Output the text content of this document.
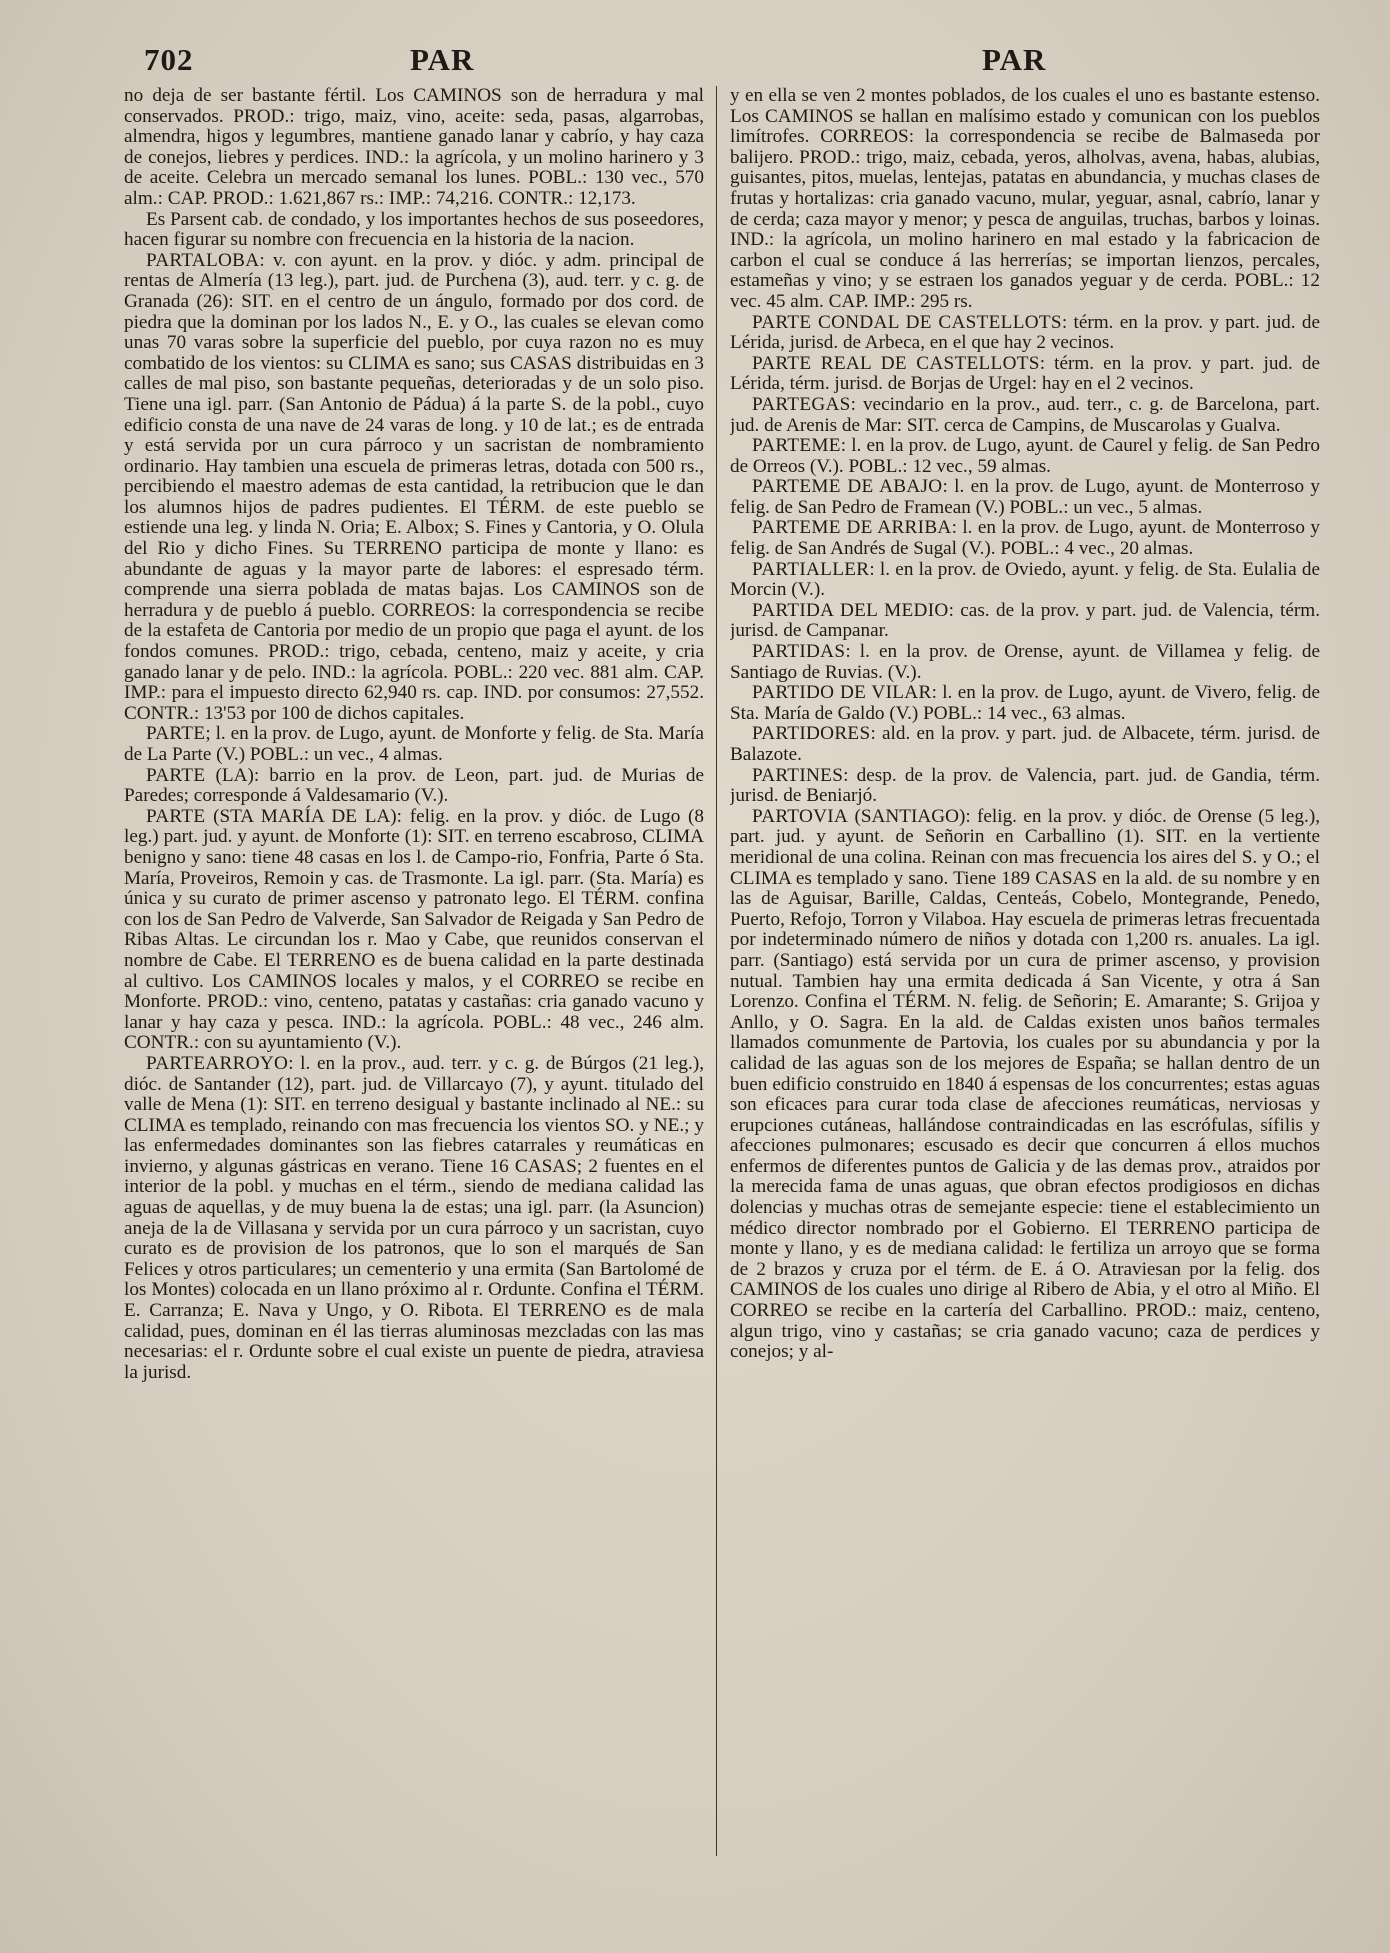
702	PAR	PAR

no deja de ser bastante fértil. Los CAMINOS son de herradura y mal conservados. PROD.: trigo, maiz, vino, aceite: seda, pasas, algarrobas, almendra, higos y legumbres, mantiene ganado lanar y cabrío, y hay caza de conejos, liebres y perdices. IND.: la agrícola, y un molino harinero y 3 de aceite. Celebra un mercado semanal los lunes. POBL.: 130 vec., 570 alm.: CAP. PROD.: 1.621,867 rs.: IMP.: 74,216. CONTR.: 12,173.

Es Parsent cab. de condado, y los importantes hechos de sus poseedores, hacen figurar su nombre con frecuencia en la historia de la nacion.

PARTALOBA: v. con ayunt. en la prov. y dióc. y adm. principal de rentas de Almería (13 leg.), part. jud. de Purchena (3), aud. terr. y c. g. de Granada (26): SIT. en el centro de un ángulo, formado por dos cord. de piedra que la dominan por los lados N., E. y O., las cuales se elevan como unas 70 varas sobre la superficie del pueblo, por cuya razon no es muy combatido de los vientos: su CLIMA es sano; sus CASAS distribuidas en 3 calles de mal piso, son bastante pequeñas, deterioradas y de un solo piso. Tiene una igl. parr. (San Antonio de Pádua) á la parte S. de la pobl., cuyo edificio consta de una nave de 24 varas de long. y 10 de lat.; es de entrada y está servida por un cura párroco y un sacristan de nombramiento ordinario. Hay tambien una escuela de primeras letras, dotada con 500 rs., percibiendo el maestro ademas de esta cantidad, la retribucion que le dan los alumnos hijos de padres pudientes. El TÉRM. de este pueblo se estiende una leg. y linda N. Oria; E. Albox; S. Fines y Cantoria, y O. Olula del Rio y dicho Fines. Su TERRENO participa de monte y llano: es abundante de aguas y la mayor parte de labores: el espresado térm. comprende una sierra poblada de matas bajas. Los CAMINOS son de herradura y de pueblo á pueblo. CORREOS: la correspondencia se recibe de la estafeta de Cantoria por medio de un propio que paga el ayunt. de los fondos comunes. PROD.: trigo, cebada, centeno, maiz y aceite, y cria ganado lanar y de pelo. IND.: la agrícola. POBL.: 220 vec. 881 alm. CAP. IMP.: para el impuesto directo 62,940 rs. cap. IND. por consumos: 27,552. CONTR.: 13'53 por 100 de dichos capitales.

PARTE; l. en la prov. de Lugo, ayunt. de Monforte y felig. de Sta. María de La Parte (V.) POBL.: un vec., 4 almas.

PARTE (LA): barrio en la prov. de Leon, part. jud. de Murias de Paredes; corresponde á Valdesamario (V.).

PARTE (STA MARÍA DE LA): felig. en la prov. y dióc. de Lugo (8 leg.) part. jud. y ayunt. de Monforte (1): SIT. en terreno escabroso, CLIMA benigno y sano: tiene 48 casas en los l. de Campo-rio, Fonfria, Parte ó Sta. María, Proveiros, Remoin y cas. de Trasmonte. La igl. parr. (Sta. María) es única y su curato de primer ascenso y patronato lego. El TÉRM. confina con los de San Pedro de Valverde, San Salvador de Reigada y San Pedro de Ribas Altas. Le circundan los r. Mao y Cabe, que reunidos conservan el nombre de Cabe. El TERRENO es de buena calidad en la parte destinada al cultivo. Los CAMINOS locales y malos, y el CORREO se recibe en Monforte. PROD.: vino, centeno, patatas y castañas: cria ganado vacuno y lanar y hay caza y pesca. IND.: la agrícola. POBL.: 48 vec., 246 alm. CONTR.: con su ayuntamiento (V.).

PARTEARROYO: l. en la prov., aud. terr. y c. g. de Búrgos (21 leg.), dióc. de Santander (12), part. jud. de Villarcayo (7), y ayunt. titulado del valle de Mena (1): SIT. en terreno desigual y bastante inclinado al NE.: su CLIMA es templado, reinando con mas frecuencia los vientos SO. y NE.; y las enfermedades dominantes son las fiebres catarrales y reumáticas en invierno, y algunas gástricas en verano. Tiene 16 CASAS; 2 fuentes en el interior de la pobl. y muchas en el térm., siendo de mediana calidad las aguas de aquellas, y de muy buena la de estas; una igl. parr. (la Asuncion) aneja de la de Villasana y servida por un cura párroco y un sacristan, cuyo curato es de provision de los patronos, que lo son el marqués de San Felices y otros particulares; un cementerio y una ermita (San Bartolomé de los Montes) colocada en un llano próximo al r. Ordunte. Confina el TÉRM. E. Carranza; E. Nava y Ungo, y O. Ribota. El TERRENO es de mala calidad, pues, dominan en él las tierras aluminosas mezcladas con las mas necesarias: el r. Ordunte sobre el cual existe un puente de piedra, atraviesa la jurisd.

y en ella se ven 2 montes poblados, de los cuales el uno es bastante estenso. Los CAMINOS se hallan en malísimo estado y comunican con los pueblos limítrofes. CORREOS: la correspondencia se recibe de Balmaseda por balijero. PROD.: trigo, maiz, cebada, yeros, alholvas, avena, habas, alubias, guisantes, pitos, muelas, lentejas, patatas en abundancia, y muchas clases de frutas y hortalizas: cria ganado vacuno, mular, yeguar, asnal, cabrío, lanar y de cerda; caza mayor y menor; y pesca de anguilas, truchas, barbos y loinas. IND.: la agrícola, un molino harinero en mal estado y la fabricacion de carbon el cual se conduce á las herrerías; se importan lienzos, percales, estameñas y vino; y se estraen los ganados yeguar y de cerda. POBL.: 12 vec. 45 alm. CAP. IMP.: 295 rs.

PARTE CONDAL DE CASTELLOTS: térm. en la prov. y part. jud. de Lérida, jurisd. de Arbeca, en el que hay 2 vecinos.

PARTE REAL DE CASTELLOTS: térm. en la prov. y part. jud. de Lérida, térm. jurisd. de Borjas de Urgel: hay en el 2 vecinos.

PARTEGAS: vecindario en la prov., aud. terr., c. g. de Barcelona, part. jud. de Arenis de Mar: SIT. cerca de Campins, de Muscarolas y Gualva.

PARTEME: l. en la prov. de Lugo, ayunt. de Caurel y felig. de San Pedro de Orreos (V.). POBL.: 12 vec., 59 almas.

PARTEME DE ABAJO: l. en la prov. de Lugo, ayunt. de Monterroso y felig. de San Pedro de Framean (V.) POBL.: un vec., 5 almas.

PARTEME DE ARRIBA: l. en la prov. de Lugo, ayunt. de Monterroso y felig. de San Andrés de Sugal (V.). POBL.: 4 vec., 20 almas.

PARTIALLER: l. en la prov. de Oviedo, ayunt. y felig. de Sta. Eulalia de Morcin (V.).

PARTIDA DEL MEDIO: cas. de la prov. y part. jud. de Valencia, térm. jurisd. de Campanar.

PARTIDAS: l. en la prov. de Orense, ayunt. de Villamea y felig. de Santiago de Ruvias. (V.).

PARTIDO DE VILAR: l. en la prov. de Lugo, ayunt. de Vivero, felig. de Sta. María de Galdo (V.) POBL.: 14 vec., 63 almas.

PARTIDORES: ald. en la prov. y part. jud. de Albacete, térm. jurisd. de Balazote.

PARTINES: desp. de la prov. de Valencia, part. jud. de Gandia, térm. jurisd. de Beniarjó.

PARTOVIA (SANTIAGO): felig. en la prov. y dióc. de Orense (5 leg.), part. jud. y ayunt. de Señorin en Carballino (1). SIT. en la vertiente meridional de una colina. Reinan con mas frecuencia los aires del S. y O.; el CLIMA es templado y sano. Tiene 189 CASAS en la ald. de su nombre y en las de Aguisar, Barille, Caldas, Centeás, Cobelo, Montegrande, Penedo, Puerto, Refojo, Torron y Vilaboa. Hay escuela de primeras letras frecuentada por indeterminado número de niños y dotada con 1,200 rs. anuales. La igl. parr. (Santiago) está servida por un cura de primer ascenso, y provision nutual. Tambien hay una ermita dedicada á San Vicente, y otra á San Lorenzo. Confina el TÉRM. N. felig. de Señorin; E. Amarante; S. Grijoa y Anllo, y O. Sagra. En la ald. de Caldas existen unos baños termales llamados comunmente de Partovia, los cuales por su abundancia y por la calidad de las aguas son de los mejores de España; se hallan dentro de un buen edificio construido en 1840 á espensas de los concurrentes; estas aguas son eficaces para curar toda clase de afecciones reumáticas, nerviosas y erupciones cutáneas, hallándose contraindicadas en las escrófulas, sífilis y afecciones pulmonares; escusado es decir que concurren á ellos muchos enfermos de diferentes puntos de Galicia y de las demas prov., atraidos por la merecida fama de unas aguas, que obran efectos prodigiosos en dichas dolencias y muchas otras de semejante especie: tiene el establecimiento un médico director nombrado por el Gobierno. El TERRENO participa de monte y llano, y es de mediana calidad: le fertiliza un arroyo que se forma de 2 brazos y cruza por el térm. de E. á O. Atraviesan por la felig. dos CAMINOS de los cuales uno dirige al Ribero de Abia, y el otro al Miño. El CORREO se recibe en la cartería del Carballino. PROD.: maiz, centeno, algun trigo, vino y castañas; se cria ganado vacuno; caza de perdices y conejos; y al-
